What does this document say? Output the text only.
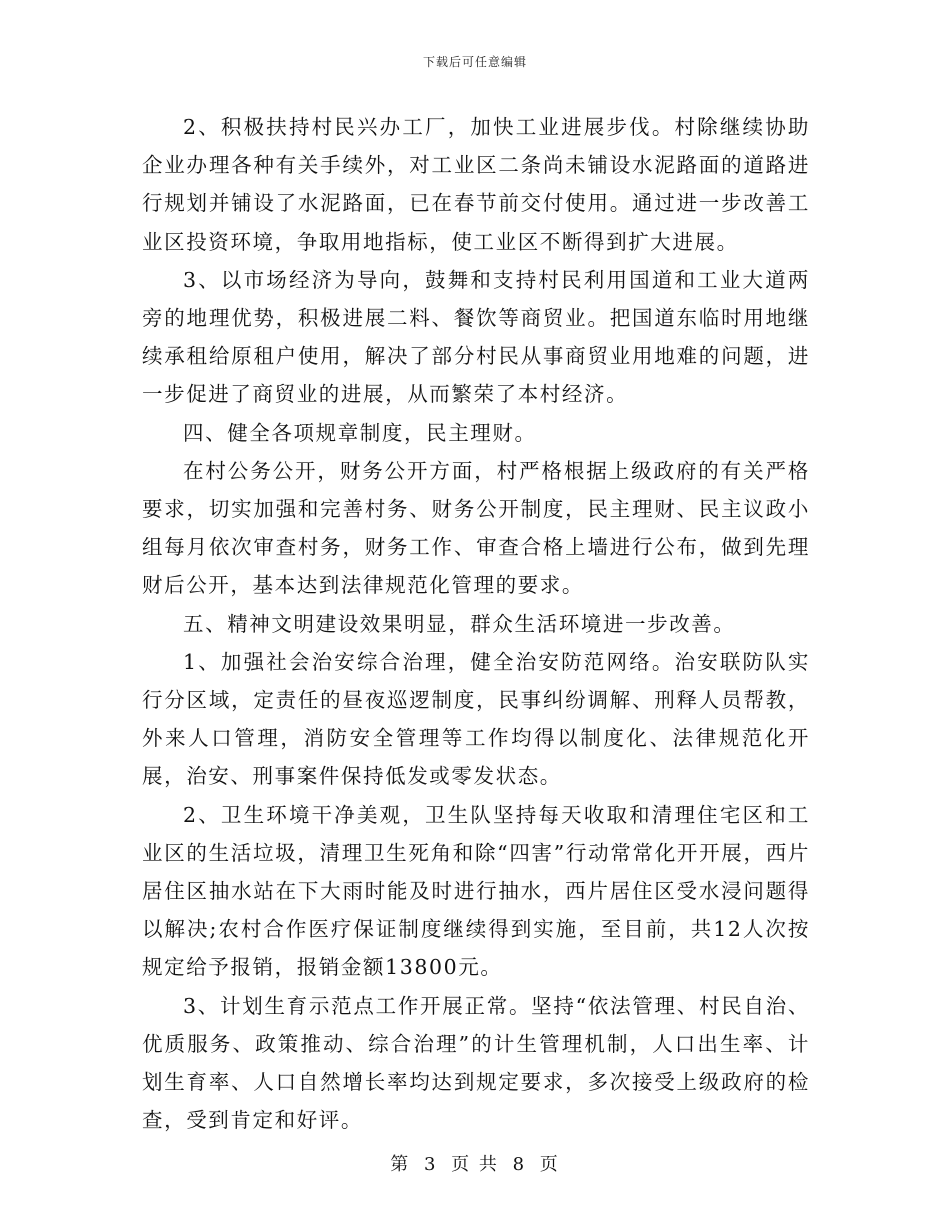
下载后可任意编辑

2、积极扶持村民兴办工厂，加快工业进展步伐。村除继续协助企业办理各种有关手续外，对工业区二条尚未铺设水泥路面的道路进行规划并铺设了水泥路面，已在春节前交付使用。通过进一步改善工业区投资环境，争取用地指标，使工业区不断得到扩大进展。

3、以市场经济为导向，鼓舞和支持村民利用国道和工业大道两旁的地理优势，积极进展二料、餐饮等商贸业。把国道东临时用地继续承租给原租户使用，解决了部分村民从事商贸业用地难的问题，进一步促进了商贸业的进展，从而繁荣了本村经济。

四、健全各项规章制度，民主理财。

在村公务公开，财务公开方面，村严格根据上级政府的有关严格要求，切实加强和完善村务、财务公开制度，民主理财、民主议政小组每月依次审查村务，财务工作、审查合格上墙进行公布，做到先理财后公开，基本达到法律规范化管理的要求。

五、精神文明建设效果明显，群众生活环境进一步改善。

1、加强社会治安综合治理，健全治安防范网络。治安联防队实行分区域，定责任的昼夜巡逻制度，民事纠纷调解、刑释人员帮教，外来人口管理，消防安全管理等工作均得以制度化、法律规范化开展，治安、刑事案件保持低发或零发状态。

2、卫生环境干净美观，卫生队坚持每天收取和清理住宅区和工业区的生活垃圾，清理卫生死角和除“四害”行动常常化开开展，西片居住区抽水站在下大雨时能及时进行抽水，西片居住区受水浸问题得以解决;农村合作医疗保证制度继续得到实施，至目前，共12人次按规定给予报销，报销金额13800元。

3、计划生育示范点工作开展正常。坚持“依法管理、村民自治、优质服务、政策推动、综合治理”的计生管理机制，人口出生率、计划生育率、人口自然增长率均达到规定要求，多次接受上级政府的检查，受到肯定和好评。

第 3 页 共 8 页
